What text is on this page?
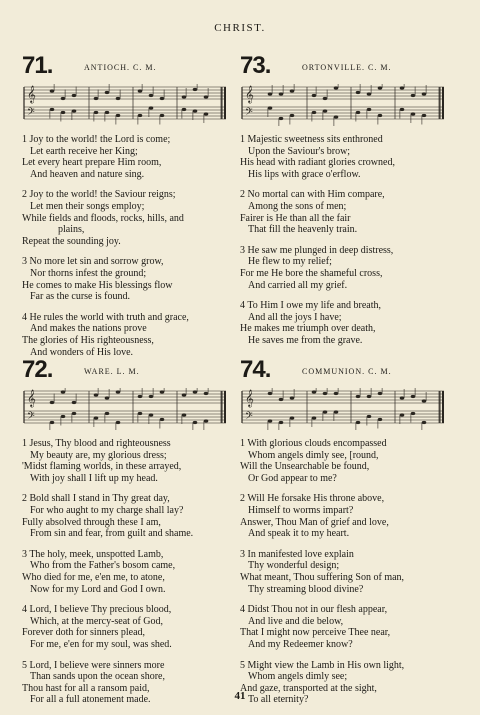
CHRIST.
71.	ANTIOCH. C. M.
𝄞
𝄢
1 Joy to the world! the Lord is come;
Let earth receive her King;
Let every heart prepare Him room,
And heaven and nature sing.
2 Joy to the world! the Saviour reigns;
Let men their songs employ;
While fields and floods, rocks, hills, and
plains,
Repeat the sounding joy.
3 No more let sin and sorrow grow,
Nor thorns infest the ground;
He comes to make His blessings flow
Far as the curse is found.
4 He rules the world with truth and grace,
And makes the nations prove
The glories of His righteousness,
And wonders of His love.
73.	ORTONVILLE. C. M.
𝄞
𝄢
1 Majestic sweetness sits enthroned
Upon the Saviour's brow;
His head with radiant glories crowned,
His lips with grace o'erflow.
2 No mortal can with Him compare,
Among the sons of men;
Fairer is He than all the fair
That fill the heavenly train.
3 He saw me plunged in deep distress,
He flew to my relief;
For me He bore the shameful cross,
And carried all my grief.
4 To Him I owe my life and breath,
And all the joys I have;
He makes me triumph over death,
He saves me from the grave.
72.	WARE. L. M.
𝄞
𝄢
1 Jesus, Thy blood and righteousness
My beauty are, my glorious dress;
'Midst flaming worlds, in these arrayed,
With joy shall I lift up my head.
2 Bold shall I stand in Thy great day,
For who aught to my charge shall lay?
Fully absolved through these I am,
From sin and fear, from guilt and shame.
3 The holy, meek, unspotted Lamb,
Who from the Father's bosom came,
Who died for me, e'en me, to atone,
Now for my Lord and God I own.
4 Lord, I believe Thy precious blood,
Which, at the mercy-seat of God,
Forever doth for sinners plead,
For me, e'en for my soul, was shed.
5 Lord, I believe were sinners more
Than sands upon the ocean shore,
Thou hast for all a ransom paid,
For all a full atonement made.
74.	COMMUNION. C. M.
𝄞
𝄢
1 With glorious clouds encompassed
Whom angels dimly see, [round,
Will the Unsearchable be found,
Or God appear to me?
2 Will He forsake His throne above,
Himself to worms impart?
Answer, Thou Man of grief and love,
And speak it to my heart.
3 In manifested love explain
Thy wonderful design;
What meant, Thou suffering Son of man,
Thy streaming blood divine?
4 Didst Thou not in our flesh appear,
And live and die below,
That I might now perceive Thee near,
And my Redeemer know?
5 Might view the Lamb in His own light,
Whom angels dimly see;
And gaze, transported at the sight,
To all eternity?
41
